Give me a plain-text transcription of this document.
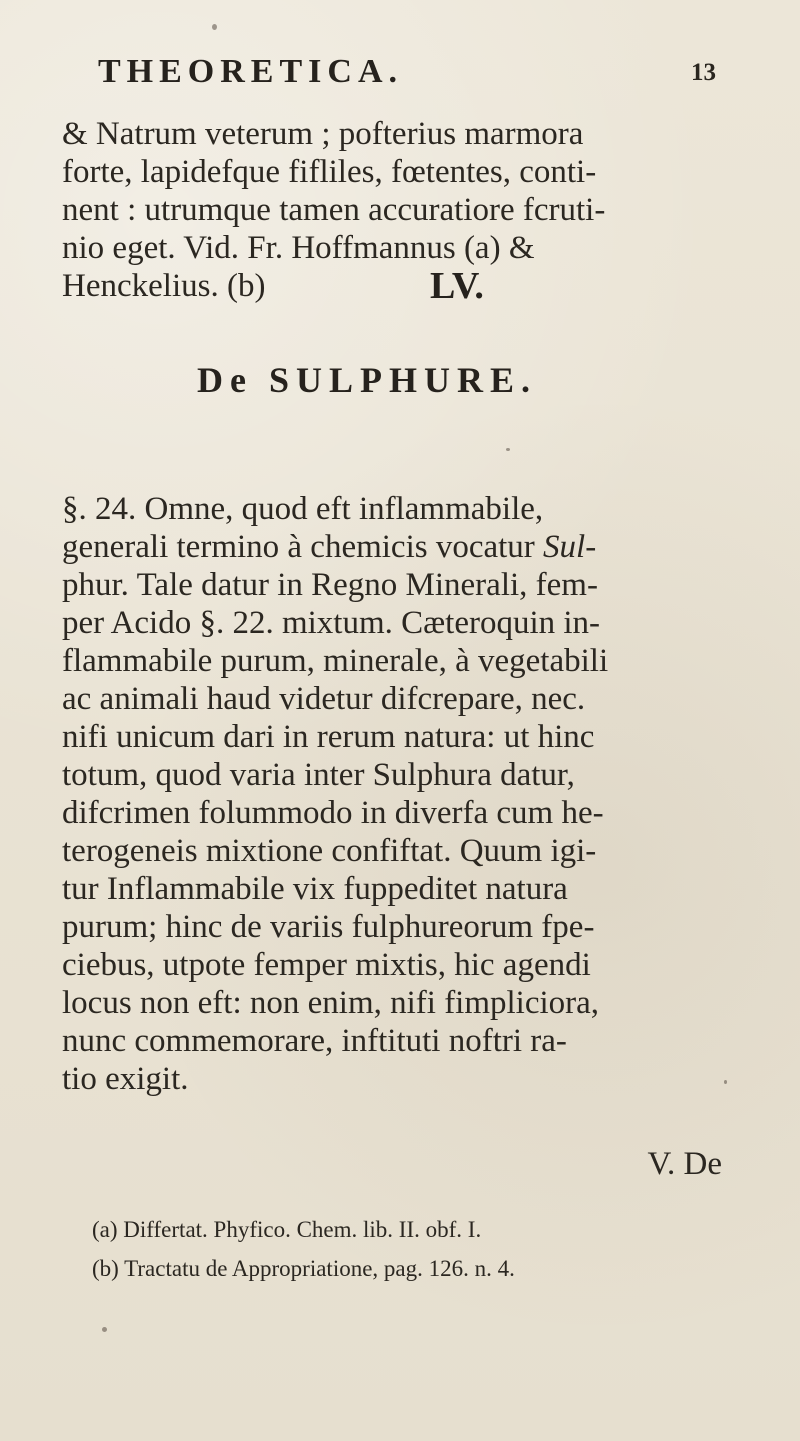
THEORETICA.	13
& Natrum veterum ; pofterius marmora
forte, lapidefque fifliles, fœtentes, conti-
nent : utrumque tamen accuratiore fcruti-
nio eget. Vid. Fr. Hoffmannus (a) &
Henckelius. (b)	LV.
De SULPHURE.
§. 24. Omne, quod eft inflammabile,
generali termino à chemicis vocatur Sul-
phur. Tale datur in Regno Minerali, fem-
per Acido §. 22. mixtum. Cæteroquin in-
flammabile purum, minerale, à vegetabili
ac animali haud videtur difcrepare, nec.
nifi unicum dari in rerum natura: ut hinc
totum, quod varia inter Sulphura datur,
difcrimen folummodo in diverfa cum he-
terogeneis mixtione confiftat. Quum igi-
tur Inflammabile vix fuppeditet natura
purum; hinc de variis fulphureorum fpe-
ciebus, utpote femper mixtis, hic agendi
locus non eft: non enim, nifi fimpliciora,
nunc commemorare, inftituti noftri ra-
tio exigit.
V. De
(a) Differtat. Phyfico. Chem. lib. II. obf. I.
(b) Tractatu de Appropriatione, pag. 126. n. 4.
